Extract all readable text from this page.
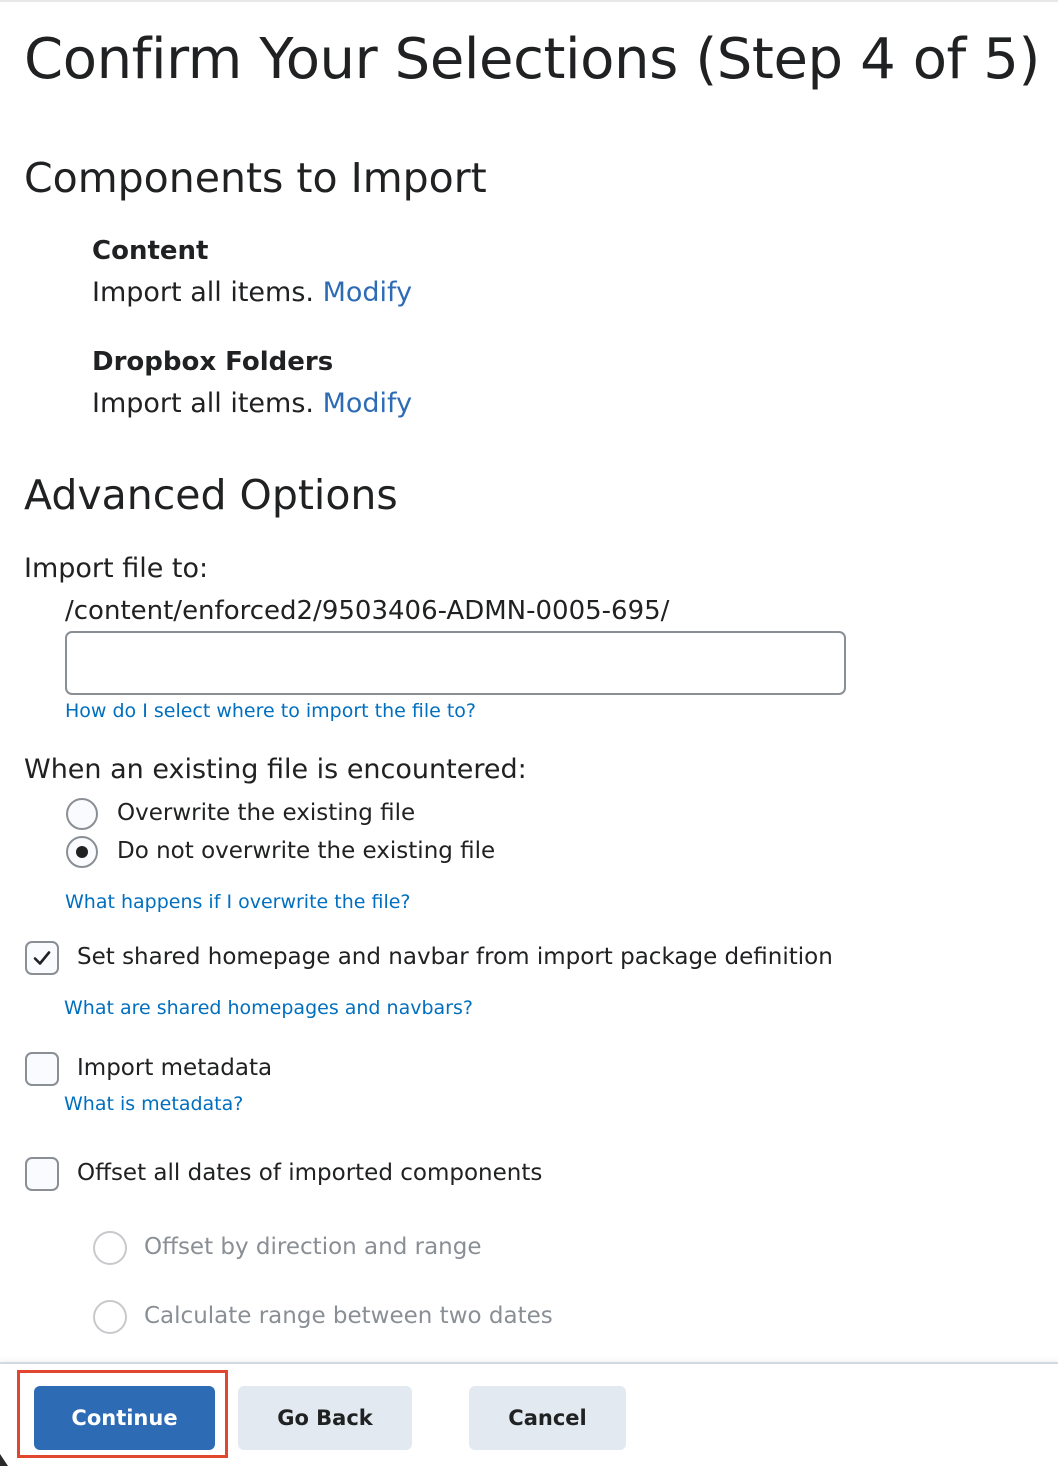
Confirm Your Selections (Step 4 of 5)
Components to Import
Content
Import all items. Modify
Dropbox Folders
Import all items. Modify
Advanced Options
Import file to:
/content/enforced2/9503406-ADMN-0005-695/
How do I select where to import the file to?
When an existing file is encountered:
Overwrite the existing file
Do not overwrite the existing file
What happens if I overwrite the file?
Set shared homepage and navbar from import package definition
What are shared homepages and navbars?
Import metadata
What is metadata?
Offset all dates of imported components
Offset by direction and range
Calculate range between two dates
Continue	Go Back	Cancel
